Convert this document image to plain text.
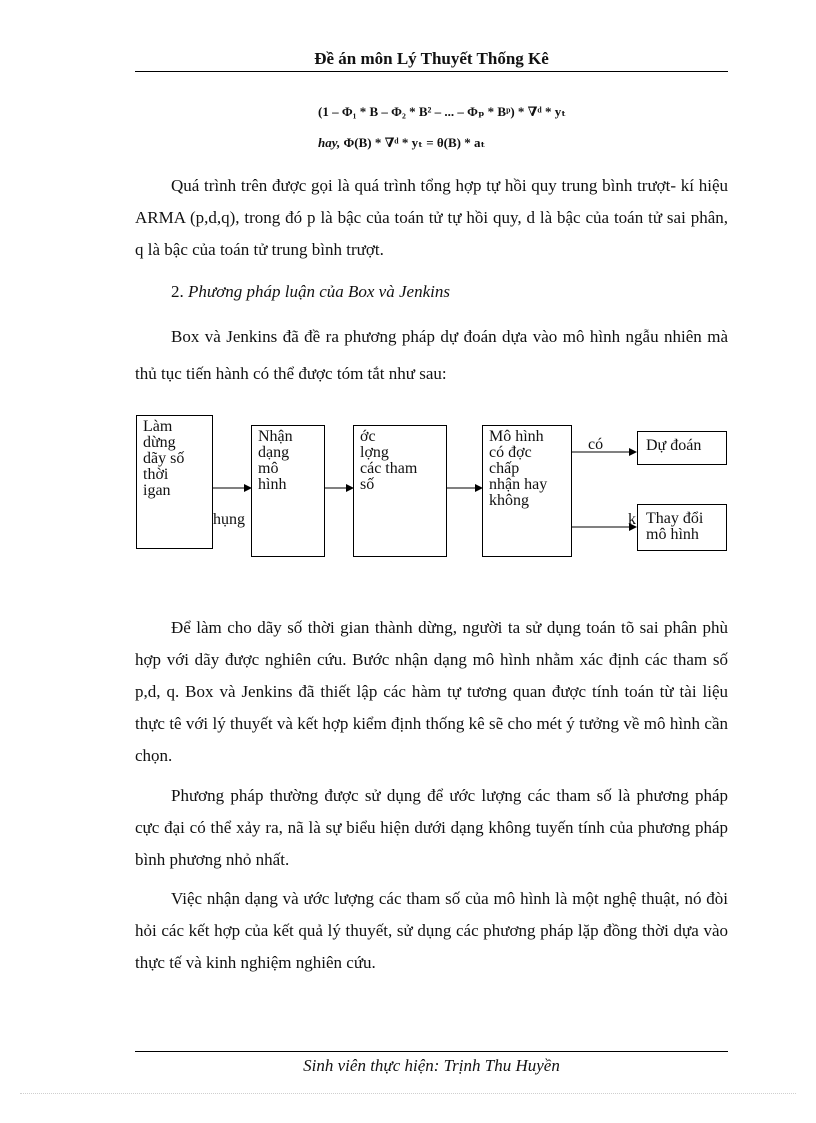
Đề án môn Lý Thuyết Thống Kê
(1 – Φ₁ * B – Φ₂ * B² – ... – Φₚ * Bᵖ) * ∇ᵈ * yₜ
hay, Φ(B) * ∇ᵈ * yₜ = θ(B) * aₜ

Quá trình trên được gọi là quá trình tổng hợp tự hồi quy trung bình trượt- kí hiệu ARMA (p,d,q), trong đó p là bậc của toán tử tự hồi quy, d là bậc của toán tử sai phân, q là bậc của toán tử trung bình trượt.

2. Phương pháp luận của Box và Jenkins

Box và Jenkins đã đề ra phương pháp dự đoán dựa vào mô hình ngẫu nhiên mà thủ tục tiến hành có thể được tóm tắt như sau:

Làm
dừng
dãy số
thời
igan
hụng
Nhận
dạng
mô
hình
ớc
lợng
các tham
số
Mô hình
có đợc
chấp
nhận hay
không
có
k
Dự đoán
Thay đổi
mô hình

Để làm cho dãy số thời gian thành dừng, người ta sử dụng toán tõ sai phân phù hợp với dãy được nghiên cứu. Bước nhận dạng mô hình nhằm xác định các tham số p,d, q. Box và Jenkins đã thiết lập các hàm tự tương quan được tính toán từ tài liệu thực tê với lý thuyết và kết hợp kiểm định thống kê sẽ cho mét ý tưởng về mô hình cần chọn.

Phương pháp thường được sử dụng để ước lượng các tham số là phương pháp cực đại có thể xảy ra, nã là sự biểu hiện dưới dạng không tuyến tính của phương pháp bình phương nhỏ nhất.

Việc nhận dạng và ước lượng các tham số của mô hình là một nghệ thuật, nó đòi hỏi các kết hợp của kết quả lý thuyết, sử dụng các phương pháp lặp đồng thời dựa vào thực tế và kinh nghiệm nghiên cứu.

Sinh viên thực hiện: Trịnh Thu Huyền
